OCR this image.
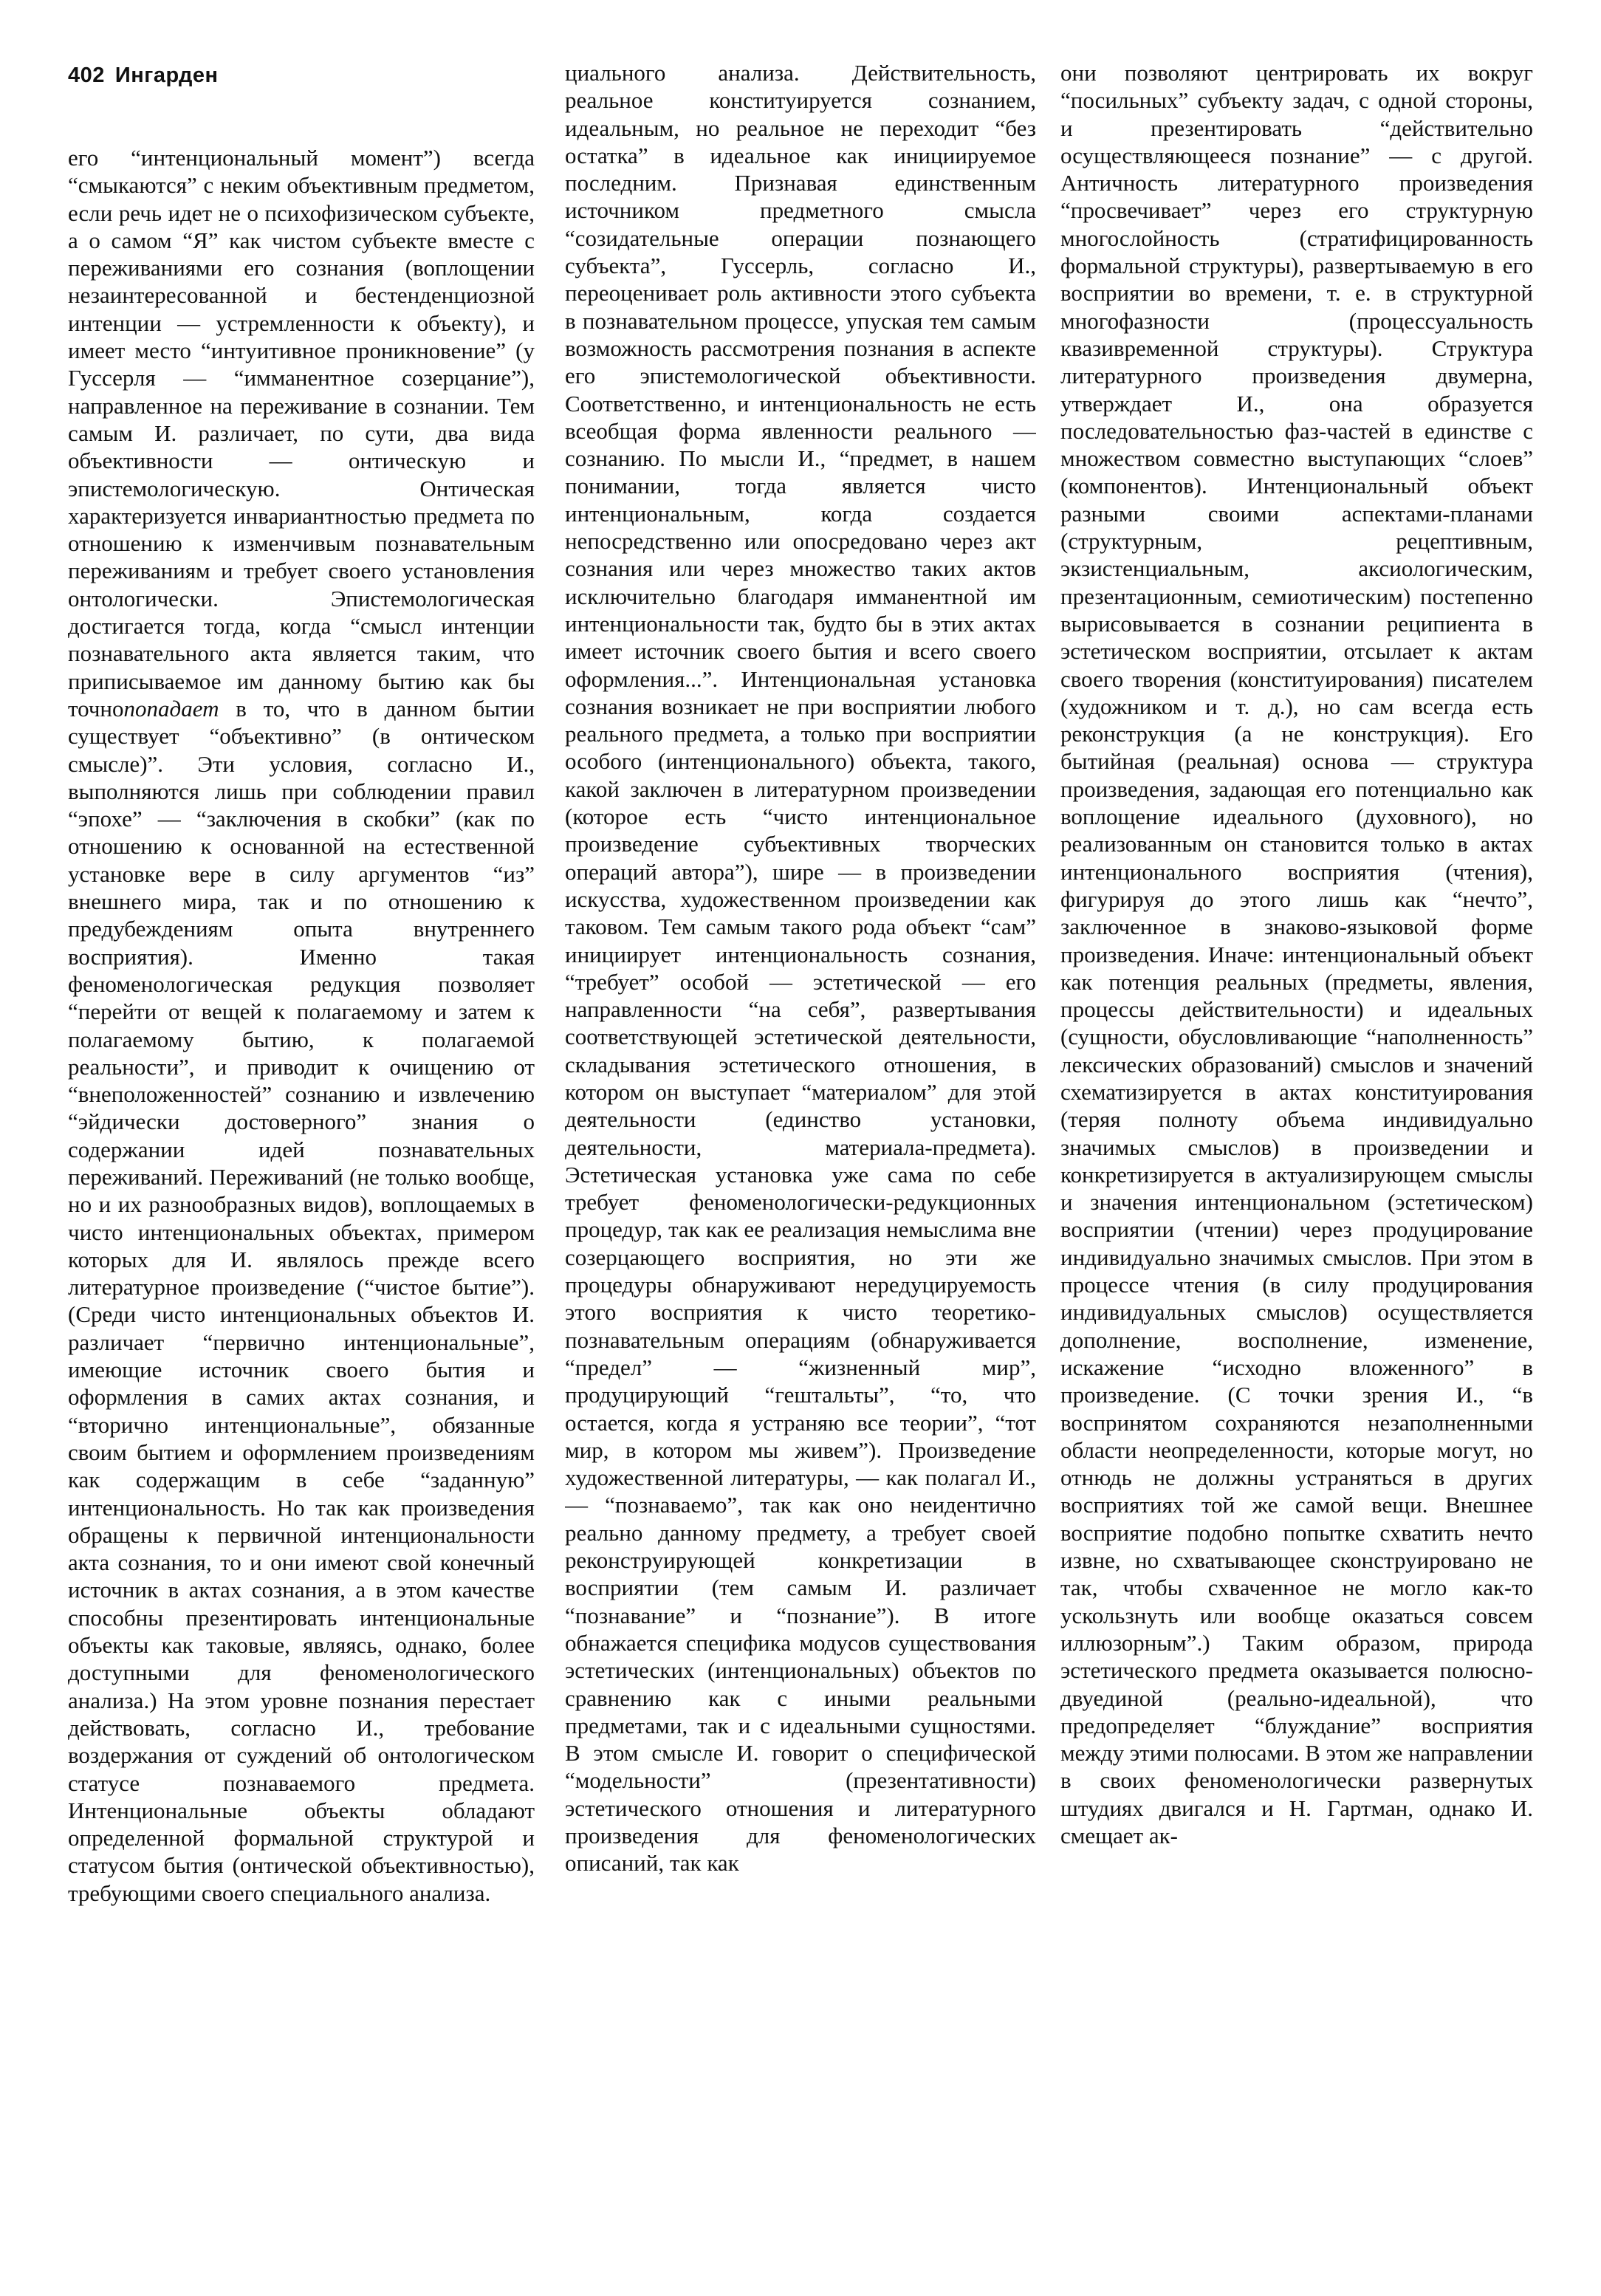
402 Ингарден

его “интенциональный момент”) всегда “смыкаются” с неким объективным предметом, если речь идет не о психофизическом субъекте, а о самом “Я” как чистом субъекте вместе с переживаниями его сознания (воплощении незаинтересованной и бестенденциозной интенции — устремленности к объекту), и имеет место “интуитивное проникновение” (у Гуссерля — “имманентное созерцание”), направленное на переживание в сознании. Тем самым И. различает, по сути, два вида объективности — онтическую и эпистемологическую. Онтическая характеризуется инвариантностью предмета по отношению к изменчивым познавательным переживаниям и требует своего установления онтологически. Эпистемологическая достигается тогда, когда “смысл интенции познавательного акта является таким, что приписываемое им данному бытию как бы точнопопадает в то, что в данном бытии существует “объективно” (в онтическом смысле)”. Эти условия, согласно И., выполняются лишь при соблюдении правил “эпохе” — “заключения в скобки” (как по отношению к основанной на естественной установке вере в силу аргументов “из” внешнего мира, так и по отношению к предубеждениям опыта внутреннего восприятия). Именно такая феноменологическая редукция позволяет “перейти от вещей к полагаемому и затем к полагаемому бытию, к полагаемой реальности”, и приводит к очищению от “внеположенностей” сознанию и извлечению “эйдически достоверного” знания о содержании идей познавательных переживаний. Переживаний (не только вообще, но и их разнообразных видов), воплощаемых в чисто интенциональных объектах, примером которых для И. являлось прежде всего литературное произведение (“чистое бытие”). (Среди чисто интенциональных объектов И. различает “первично интенциональные”, имеющие источник своего бытия и оформления в самих актах сознания, и “вторично интенциональные”, обязанные своим бытием и оформлением произведениям как содержащим в себе “заданную” интенциональность. Но так как произведения обращены к первичной интенциональности акта сознания, то и они имеют свой конечный источник в актах сознания, а в этом качестве способны презентировать интенциональные объекты как таковые, являясь, однако, более доступными для феноменологического анализа.) На этом уровне познания перестает действовать, согласно И., требование воздержания от суждений об онтологическом статусе познаваемого предмета. Интенциональные объекты обладают определенной формальной структурой и статусом бытия (онтической объективностью), требующими своего специального анализа.

циального анализа. Действительность, реальное конституируется сознанием, идеальным, но реальное не переходит “без остатка” в идеальное как инициируемое последним. Признавая единственным источником предметного смысла “созидательные операции познающего субъекта”, Гуссерль, согласно И., переоценивает роль активности этого субъекта в познавательном процессе, упуская тем самым возможность рассмотрения познания в аспекте его эпистемологической объективности. Соответственно, и интенциональность не есть всеобщая форма явленности реального — сознанию. По мысли И., “предмет, в нашем понимании, тогда является чисто интенциональным, когда создается непосредственно или опосредовано через акт сознания или через множество таких актов исключительно благодаря имманентной им интенциональности так, будто бы в этих актах имеет источник своего бытия и всего своего оформления...”. Интенциональная установка сознания возникает не при восприятии любого реального предмета, а только при восприятии особого (интенционального) объекта, такого, какой заключен в литературном произведении (которое есть “чисто интенциональное произведение субъективных творческих операций автора”), шире — в произведении искусства, художественном произведении как таковом. Тем самым такого рода объект “сам” инициирует интенциональность сознания, “требует” особой — эстетической — его направленности “на себя”, развертывания соответствующей эстетической деятельности, складывания эстетического отношения, в котором он выступает “материалом” для этой деятельности (единство установки, деятельности, материала-предмета). Эстетическая установка уже сама по себе требует феноменологически-редукционных процедур, так как ее реализация немыслима вне созерцающего восприятия, но эти же процедуры обнаруживают нередуцируемость этого восприятия к чисто теоретико-познавательным операциям (обнаруживается “предел” — “жизненный мир”, продуцирующий “гештальты”, “то, что остается, когда я устраняю все теории”, “тот мир, в котором мы живем”). Произведение художественной литературы, — как полагал И., — “познаваемо”, так как оно неидентично реально данному предмету, а требует своей реконструирующей конкретизации в восприятии (тем самым И. различает “познавание” и “познание”). В итоге обнажается специфика модусов существования эстетических (интенциональных) объектов по сравнению как с иными реальными предметами, так и с идеальными сущностями. В этом смысле И. говорит о специфической “модельности” (презентативности) эстетического отношения и литературного произведения для феноменологических описаний, так как

они позволяют центрировать их вокруг “посильных” субъекту задач, с одной стороны, и презентировать “действительно осуществляющееся познание” — с другой. Античность литературного произведения “просвечивает” через его структурную многослойность (стратифицированность формальной структуры), развертываемую в его восприятии во времени, т. е. в структурной многофазности (процессуальность квазивременной структуры). Структура литературного произведения двумерна, утверждает И., она образуется последовательностью фаз-частей в единстве с множеством совместно выступающих “слоев” (компонентов). Интенциональный объект разными своими аспектами-планами (структурным, рецептивным, экзистенциальным, аксиологическим, презентационным, семиотическим) постепенно вырисовывается в сознании реципиента в эстетическом восприятии, отсылает к актам своего творения (конституирования) писателем (художником и т. д.), но сам всегда есть реконструкция (а не конструкция). Его бытийная (реальная) основа — структура произведения, задающая его потенциально как воплощение идеального (духовного), но реализованным он становится только в актах интенционального восприятия (чтения), фигурируя до этого лишь как “нечто”, заключенное в знаково-языковой форме произведения. Иначе: интенциональный объект как потенция реальных (предметы, явления, процессы действительности) и идеальных (сущности, обусловливающие “наполненность” лексических образований) смыслов и значений схематизируется в актах конституирования (теряя полноту объема индивидуально значимых смыслов) в произведении и конкретизируется в актуализирующем смыслы и значения интенциональном (эстетическом) восприятии (чтении) через продуцирование индивидуально значимых смыслов. При этом в процессе чтения (в силу продуцирования индивидуальных смыслов) осуществляется дополнение, восполнение, изменение, искажение “исходно вложенного” в произведение. (С точки зрения И., “в воспринятом сохраняются незаполненными области неопределенности, которые могут, но отнюдь не должны устраняться в других восприятиях той же самой вещи. Внешнее восприятие подобно попытке схватить нечто извне, но схватывающее сконструировано не так, чтобы схваченное не могло как-то ускользнуть или вообще оказаться совсем иллюзорным”.) Таким образом, природа эстетического предмета оказывается полюсно-двуединой (реально-идеальной), что предопределяет “блуждание” восприятия между этими полюсами. В этом же направлении в своих феноменологически развернутых штудиях двигался и Н. Гартман, однако И. смещает ак-
